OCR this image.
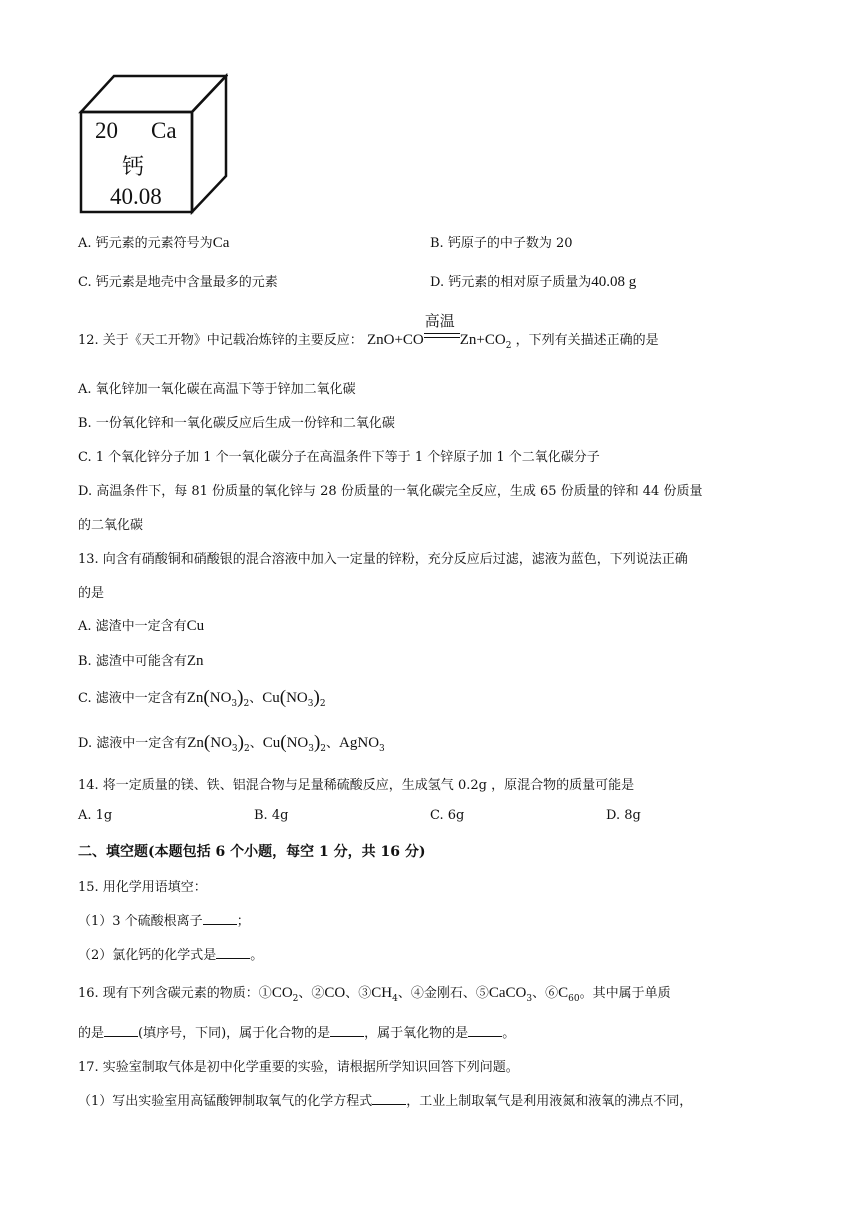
20 Ca
钙
40.08
A. 钙元素的元素符号为Ca	B. 钙原子的中子数为 20
C. 钙元素是地壳中含量最多的元素	D. 钙元素的相对原子质量为40.08 g
12. 关于《天工开物》中记载冶炼锌的主要反应： ZnO+CO
高温
$Zn+CO_2$ ，下列有关描述正确的是
A. 氧化锌加一氧化碳在高温下等于锌加二氧化碳
B. 一份氧化锌和一氧化碳反应后生成一份锌和二氧化碳
C. 1 个氧化锌分子加 1 个一氧化碳分子在高温条件下等于 1 个锌原子加 1 个二氧化碳分子
D. 高温条件下，每 81 份质量的氧化锌与 28 份质量的一氧化碳完全反应，生成 65 份质量的锌和 44 份质量
的二氧化碳
13. 向含有硝酸铜和硝酸银的混合溶液中加入一定量的锌粉，充分反应后过滤，滤液为蓝色，下列说法正确
的是
A. 滤渣中一定含有Cu
B. 滤渣中可能含有Zn
C. 滤液中一定含有$Zn(NO_3)_2$、$Cu(NO_3)_2$
D. 滤液中一定含有$Zn(NO_3)_2$、$Cu(NO_3)_2$、AgNO$_3$
14. 将一定质量的镁、铁、铝混合物与足量稀硫酸反应，生成氢气 0.2g ，原混合物的质量可能是
A. 1g	B. 4g	C. 6g	D. 8g
二、填空题(本题包括 6 个小题，每空 1 分，共 16 分)
15. 用化学用语填空：
（1）3 个硫酸根离子	；
（2）氯化钙的化学式是	。
16. 现有下列含碳元素的物质：$①CO_2$、②CO、$③CH_4$、④金刚石、⑤CaCO$_3$、$⑥C_{60}$。其中属于单质
的是	(填序号，下同)，属于化合物的是	，属于氧化物的是	。
17. 实验室制取气体是初中化学重要的实验，请根据所学知识回答下列问题。
（1）写出实验室用高锰酸钾制取氧气的化学方程式	，工业上制取氧气是利用液氮和液氧的沸点不同，
